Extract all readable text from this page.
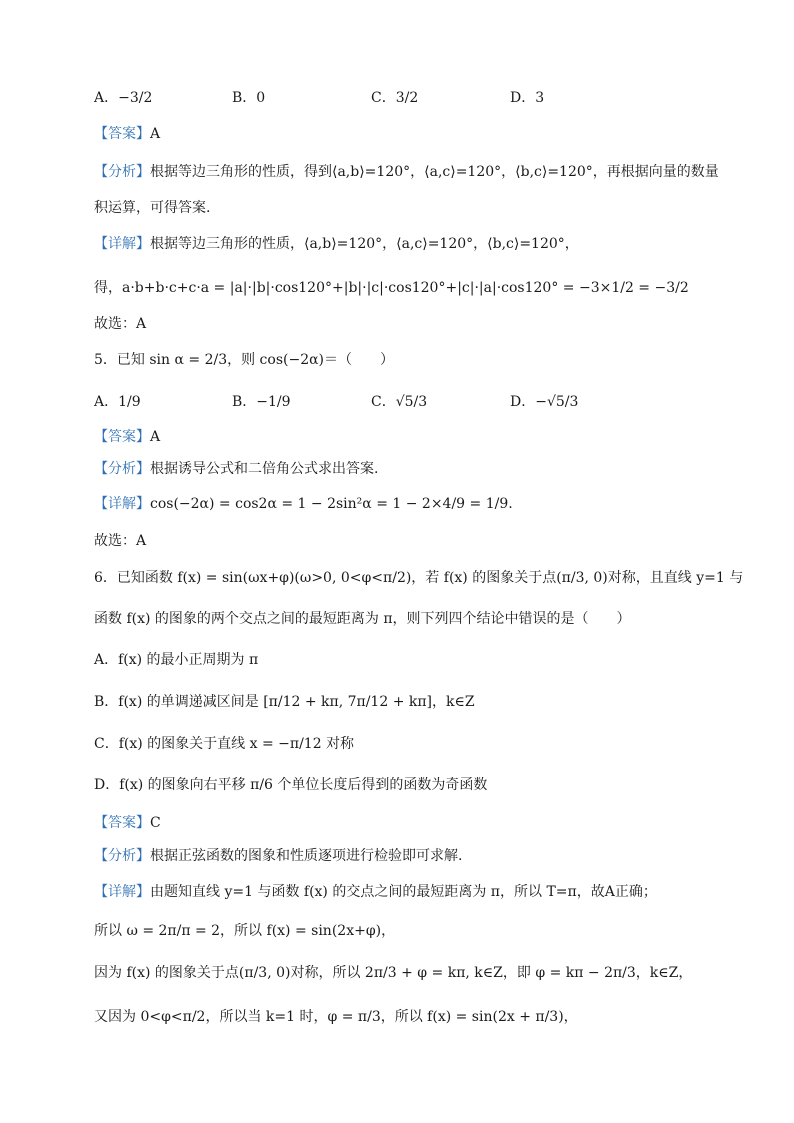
A．−3/2	B．0	C．3/2	D．3
【答案】A
【分析】根据等边三角形的性质，得到⟨a,b⟩=120°，⟨a,c⟩=120°，⟨b,c⟩=120°，再根据向量的数量
积运算，可得答案.
【详解】根据等边三角形的性质，⟨a,b⟩=120°，⟨a,c⟩=120°，⟨b,c⟩=120°，
得，a·b+b·c+c·a = |a|·|b|·cos120°+|b|·|c|·cos120°+|c|·|a|·cos120° = −3×1/2 = −3/2
故选：A
5．已知 sin α = 2/3，则 cos(−2α)＝（　　）
A．1/9	B．−1/9	C．√5/3	D．−√5/3
【答案】A
【分析】根据诱导公式和二倍角公式求出答案.
【详解】cos(−2α) = cos2α = 1 − 2sin²α = 1 − 2×4/9 = 1/9.
故选：A
6．已知函数 f(x) = sin(ωx+φ)(ω>0, 0<φ<π/2)，若 f(x) 的图象关于点(π/3, 0)对称，且直线 y=1 与
函数 f(x) 的图象的两个交点之间的最短距离为 π，则下列四个结论中错误的是（　　）
A．f(x) 的最小正周期为 π
B．f(x) 的单调递减区间是 [π/12 + kπ, 7π/12 + kπ]，k∈Z
C．f(x) 的图象关于直线 x = −π/12 对称
D．f(x) 的图象向右平移 π/6 个单位长度后得到的函数为奇函数
【答案】C
【分析】根据正弦函数的图象和性质逐项进行检验即可求解.
【详解】由题知直线 y=1 与函数 f(x) 的交点之间的最短距离为 π，所以 T=π，故A正确；
所以 ω = 2π/π = 2，所以 f(x) = sin(2x+φ)，
因为 f(x) 的图象关于点(π/3, 0)对称，所以 2π/3 + φ = kπ, k∈Z，即 φ = kπ − 2π/3，k∈Z，
又因为 0<φ<π/2，所以当 k=1 时，φ = π/3，所以 f(x) = sin(2x + π/3)，
